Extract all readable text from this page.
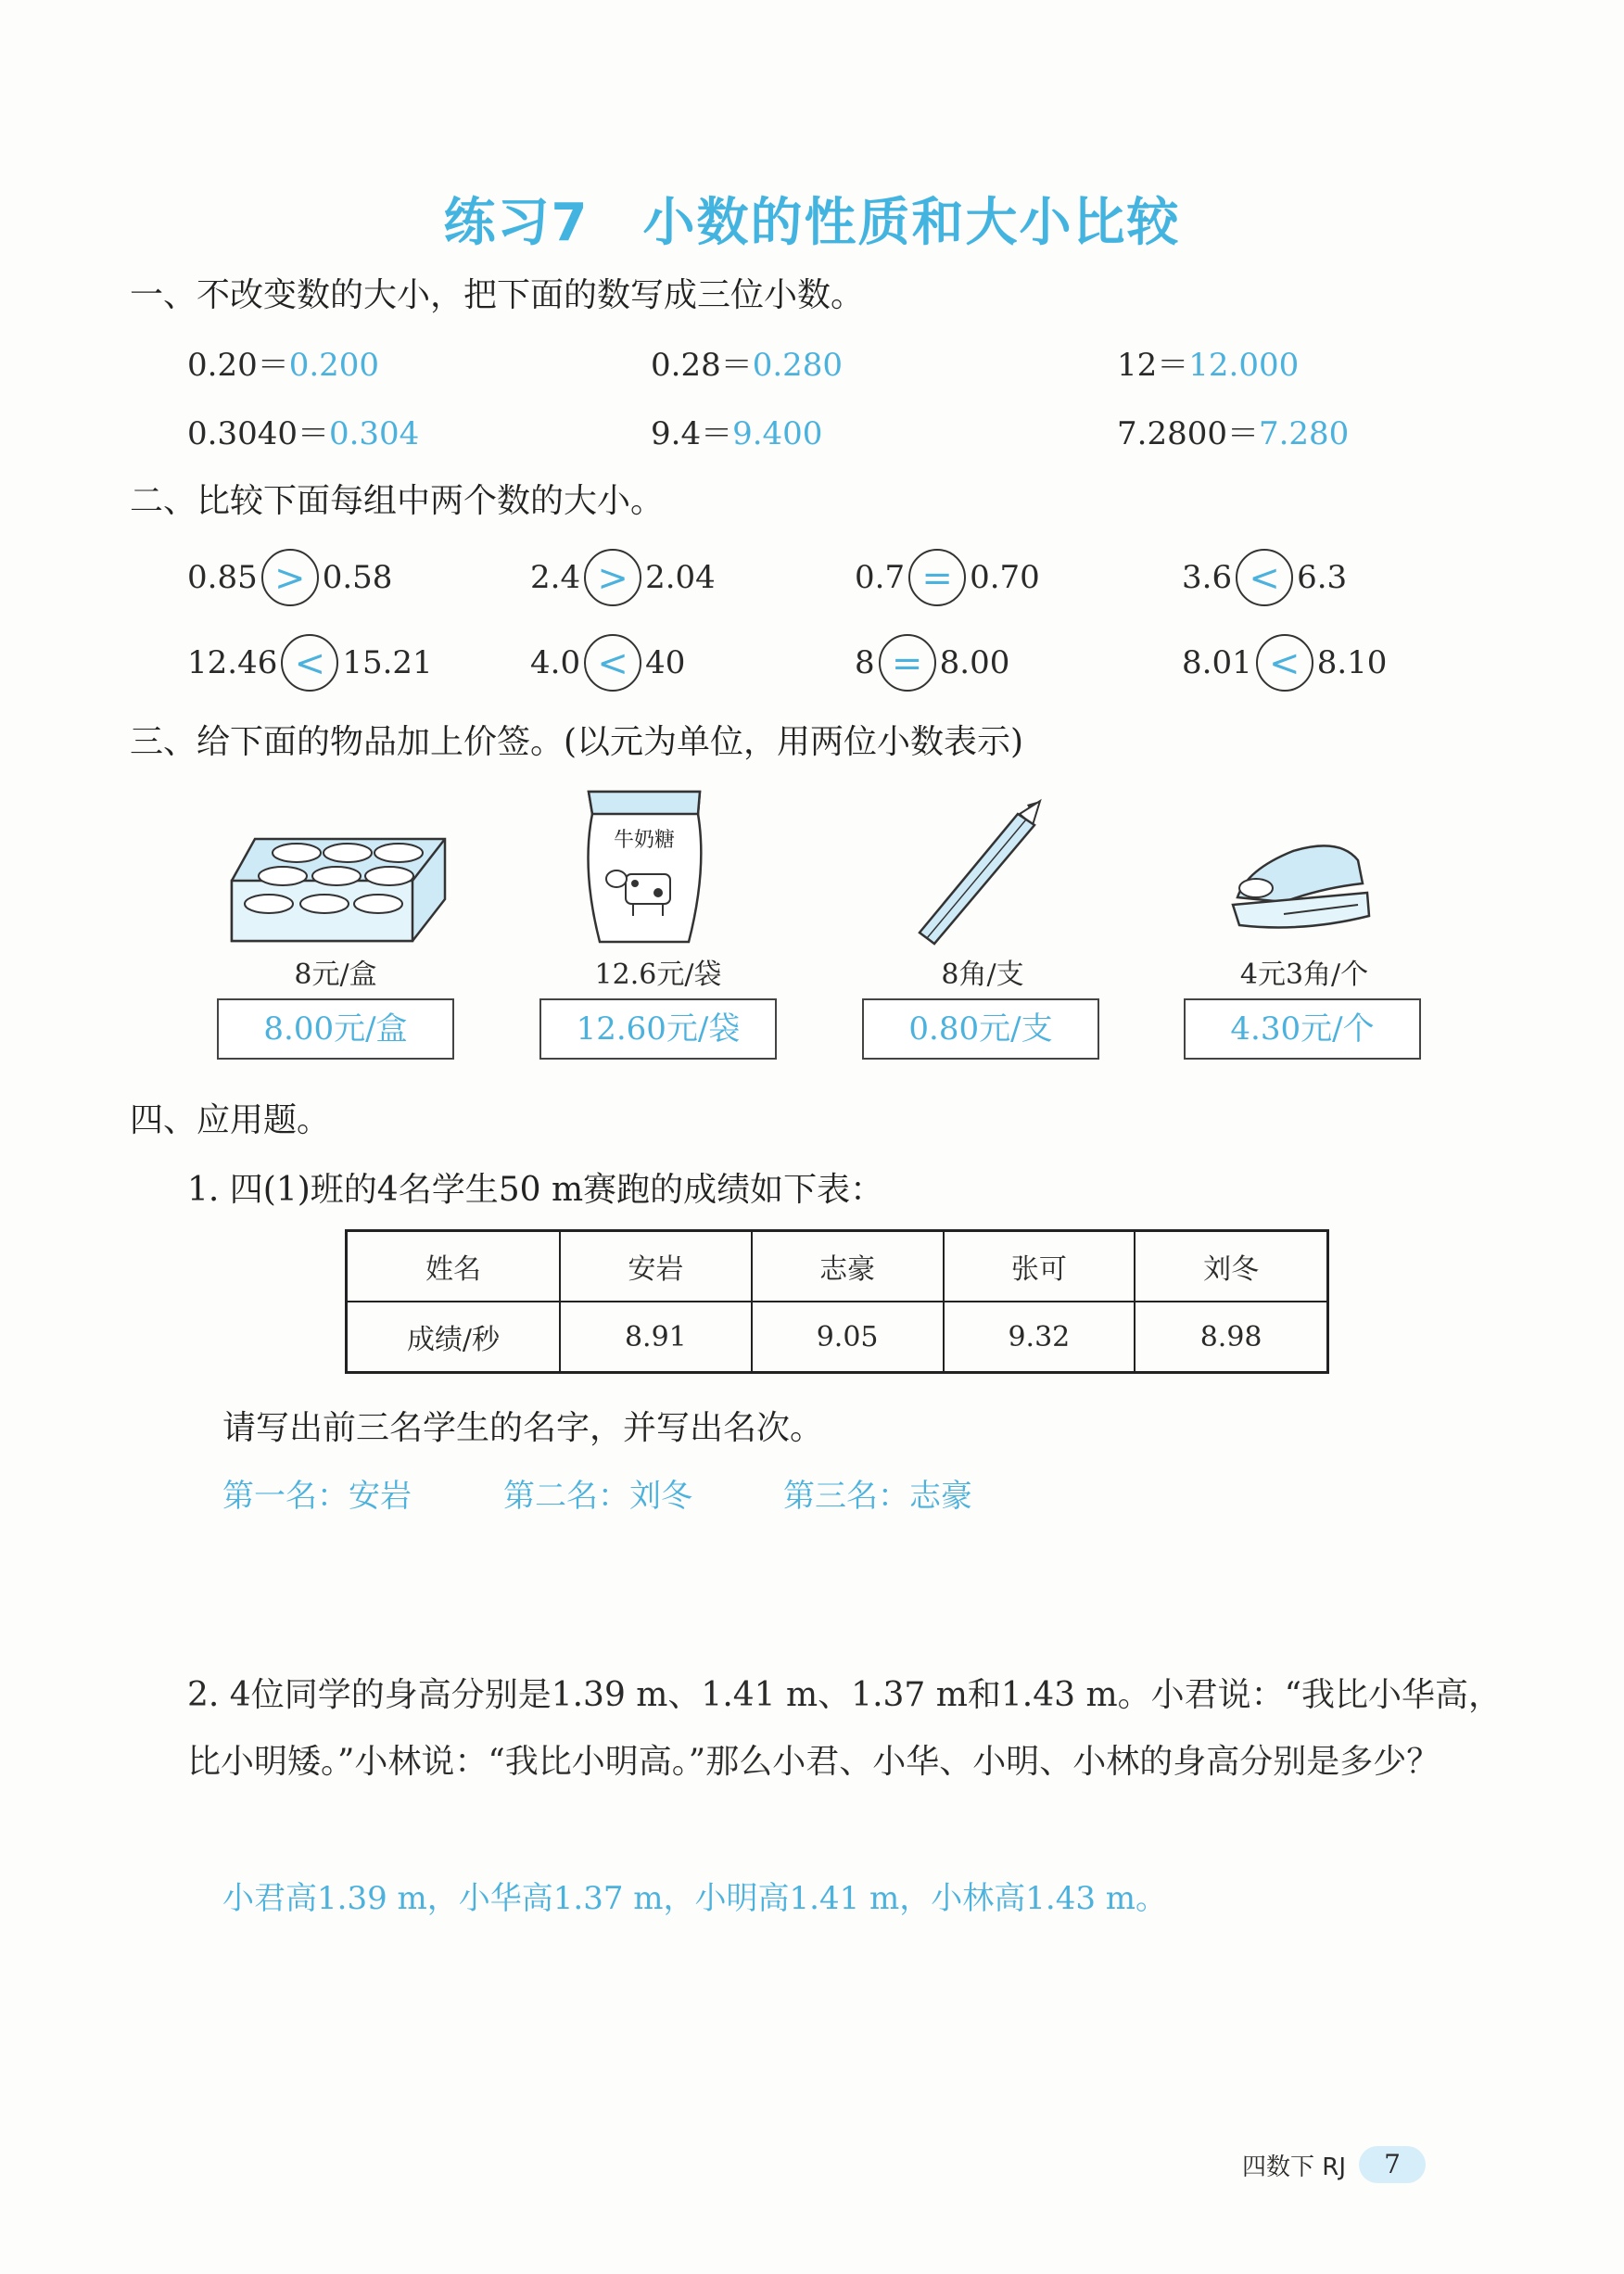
练习7　小数的性质和大小比较
一、不改变数的大小，把下面的数写成三位小数。
0.20＝0.200	0.28＝0.280	12＝12.000
0.3040＝0.304	9.4＝9.400	7.2800＝7.280
二、比较下面每组中两个数的大小。
0.85 > 0.58	2.4 > 2.04	0.7 = 0.70	3.6 < 6.3
12.46 < 15.21	4.0 < 40	8 = 8.00	8.01 < 8.10
三、给下面的物品加上价签。(以元为单位，用两位小数表示)
牛奶糖
8元/盒	12.6元/袋	8角/支	4元3角/个
8.00元/盒	12.60元/袋	0.80元/支	4.30元/个
四、应用题。
1. 四(1)班的4名学生50 m赛跑的成绩如下表：
姓名	安岩	志豪	张可	刘冬
成绩/秒	8.91	9.05	9.32	8.98
请写出前三名学生的名字，并写出名次。
第一名：安岩	第二名：刘冬	第三名：志豪
2. 4位同学的身高分别是1.39 m、1.41 m、1.37 m和1.43 m。小君说：“我比小华高，比小明矮。”小林说：“我比小明高。”那么小君、小华、小明、小林的身高分别是多少？
小君高1.39 m，小华高1.37 m，小明高1.41 m，小林高1.43 m。
四数下 RJ	7
